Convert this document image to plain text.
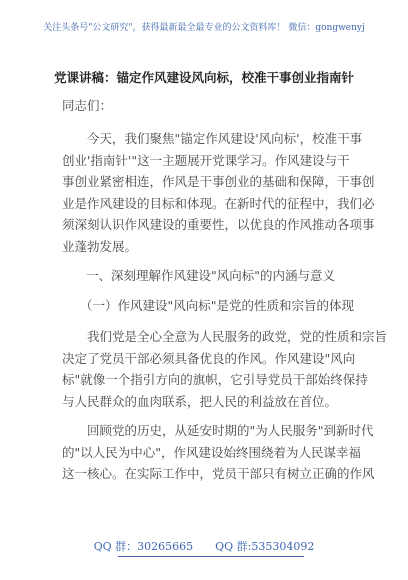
关注头条号"公文研究"，获得最新最全最专业的公文资料库！ 微信：gongwenyj
党课讲稿：锚定作风建设风向标，校准干事创业指南针
同志们：
今天，我们聚焦"锚定作风建设'风向标'，校准干事
创业'指南针'"这一主题展开党课学习。作风建设与干
事创业紧密相连，作风是干事创业的基础和保障，干事创
业是作风建设的目标和体现。在新时代的征程中，我们必
须深刻认识作风建设的重要性，以优良的作风推动各项事
业蓬勃发展。
一、深刻理解作风建设"风向标"的内涵与意义
（一）作风建设"风向标"是党的性质和宗旨的体现
我们党是全心全意为人民服务的政党，党的性质和宗旨
决定了党员干部必须具备优良的作风。作风建设"风向
标"就像一个指引方向的旗帜，它引导党员干部始终保持
与人民群众的血肉联系，把人民的利益放在首位。
回顾党的历史，从延安时期的"为人民服务"到新时代
的"以人民为中心"，作风建设始终围绕着为人民谋幸福
这一核心。在实际工作中，党员干部只有树立正确的作风
QQ 群：30265665 QQ 群:535304092
